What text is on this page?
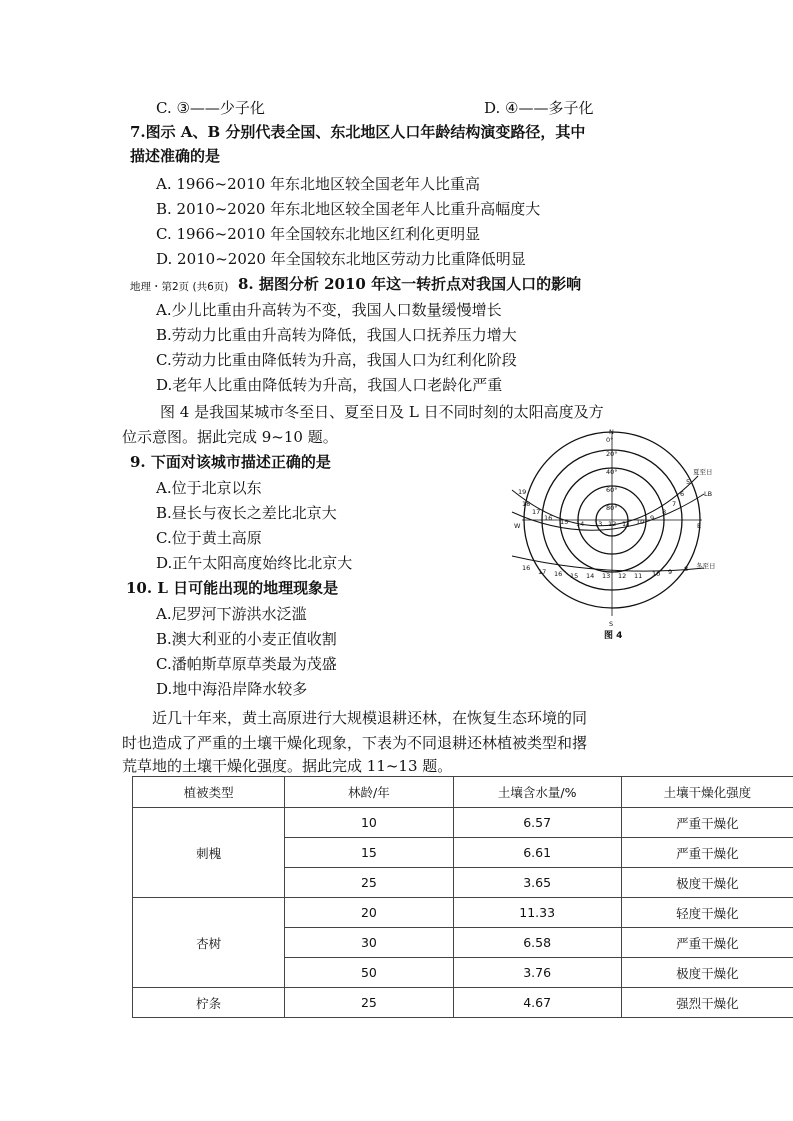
C. ③——少子化	D. ④——多子化
7.图示 A、B 分别代表全国、东北地区人口年龄结构演变路径，其中
描述准确的是
A. 1966~2010 年东北地区较全国老年人比重高
B. 2010~2020 年东北地区较全国老年人比重升高幅度大
C. 1966~2010 年全国较东北地区红利化更明显
D. 2010~2020 年全国较东北地区劳动力比重降低明显
地理・第2页 (共6页) 8. 据图分析 2010 年这一转折点对我国人口的影响
A.少儿比重由升高转为不变，我国人口数量缓慢增长
B.劳动力比重由升高转为降低，我国人口抚养压力增大
C.劳动力比重由降低转为升高，我国人口为红利化阶段
D.老年人比重由降低转为升高，我国人口老龄化严重
图 4 是我国某城市冬至日、夏至日及 L 日不同时刻的太阳高度及方
位示意图。据此完成 9~10 题。
9. 下面对该城市描述正确的是
A.位于北京以东
B.昼长与夜长之差比北京大
C.位于黄土高原
D.正午太阳高度始终比北京大
10. L 日可能出现的地理现象是
A.尼罗河下游洪水泛滥
B.澳大利亚的小麦正值收割
C.潘帕斯草原草类最为茂盛
D.地中海沿岸降水较多
N
S
E
W
0°
20°
40°
60°
80°
夏至日
LB
冬至日
19
18
17
16 15 14 13 12 11 10 9
8
7
6
5
16 17 16 15 14 13 12 11 10 9 8
图 4
近几十年来，黄土高原进行大规模退耕还林，在恢复生态环境的同
时也造成了严重的土壤干燥化现象，下表为不同退耕还林植被类型和撂
荒草地的土壤干燥化强度。据此完成 11~13 题。
植被类型	林龄/年	土壤含水量/%	土壤干燥化强度
刺槐	10	6.57	严重干燥化
	15	6.61	严重干燥化
	25	3.65	极度干燥化
杏树	20	11.33	轻度干燥化
	30	6.58	严重干燥化
	50	3.76	极度干燥化
柠条	25	4.67	强烈干燥化
